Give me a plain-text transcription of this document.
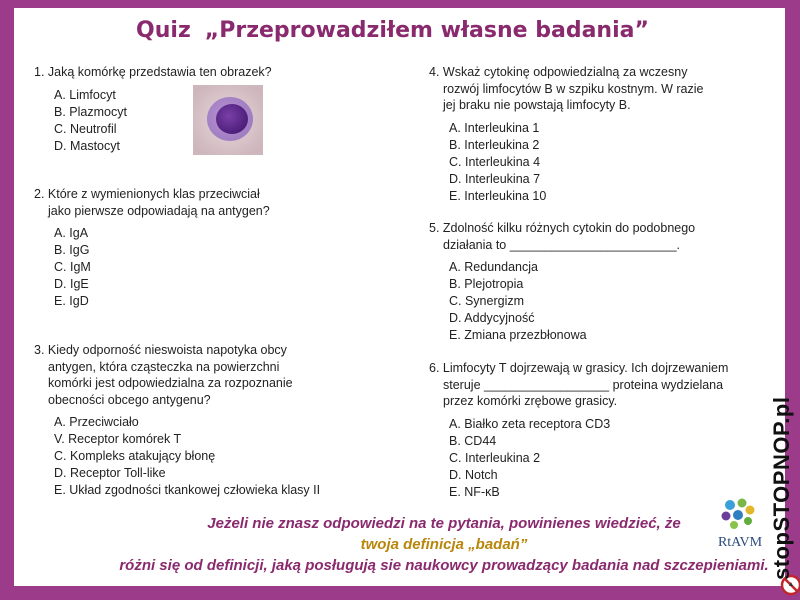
Quiz „Przeprowadziłem własne badania”

1. Jaką komórkę przedstawia ten obrazek?

A. Limfocyt
B. Plazmocyt
C. Neutrofil
D. Mastocyt

2. Które z wymienionych klas przeciwciał
jako pierwsze odpowiadają na antygen?

A. IgA
B. IgG
C. IgM
D. IgE
E. IgD

3. Kiedy odporność nieswoista napotyka obcy
antygen, która cząsteczka na powierzchni
komórki jest odpowiedzialna za rozpoznanie
obecności obcego antygenu?

A. Przeciwciało
V. Receptor komórek T
C. Kompleks atakujący błonę
D. Receptor Toll-like
E. Układ zgodności tkankowej człowieka klasy II

4. Wskaż cytokinę odpowiedzialną za wczesny
rozwój limfocytów B w szpiku kostnym. W razie
jej braku nie powstają limfocyty B.

A. Interleukina 1
B. Interleukina 2
C. Interleukina 4
D. Interleukina 7
E. Interleukina 10

5. Zdolność kilku różnych cytokin do podobnego
działania to ________________________.

A. Redundancja
B. Plejotropia
C. Synergizm
D. Addycyjność
E. Zmiana przezbłonowa

6. Limfocyty T dojrzewają w grasicy. Ich dojrzewaniem
steruje __________________ proteina wydzielana
przez komórki zrębowe grasicy.

A. Białko zeta receptora CD3
B. CD44
C. Interleukina 2
D. Notch
E. NF-κB
Jeżeli nie znasz odpowiedzi na te pytania, powinienes wiedzieć, że
twoja definicja „badań”
różni się od definicji, jaką posługują sie naukowcy prowadzący badania nad szczepieniami.
RtAVM stopSTOPNOP.pl
